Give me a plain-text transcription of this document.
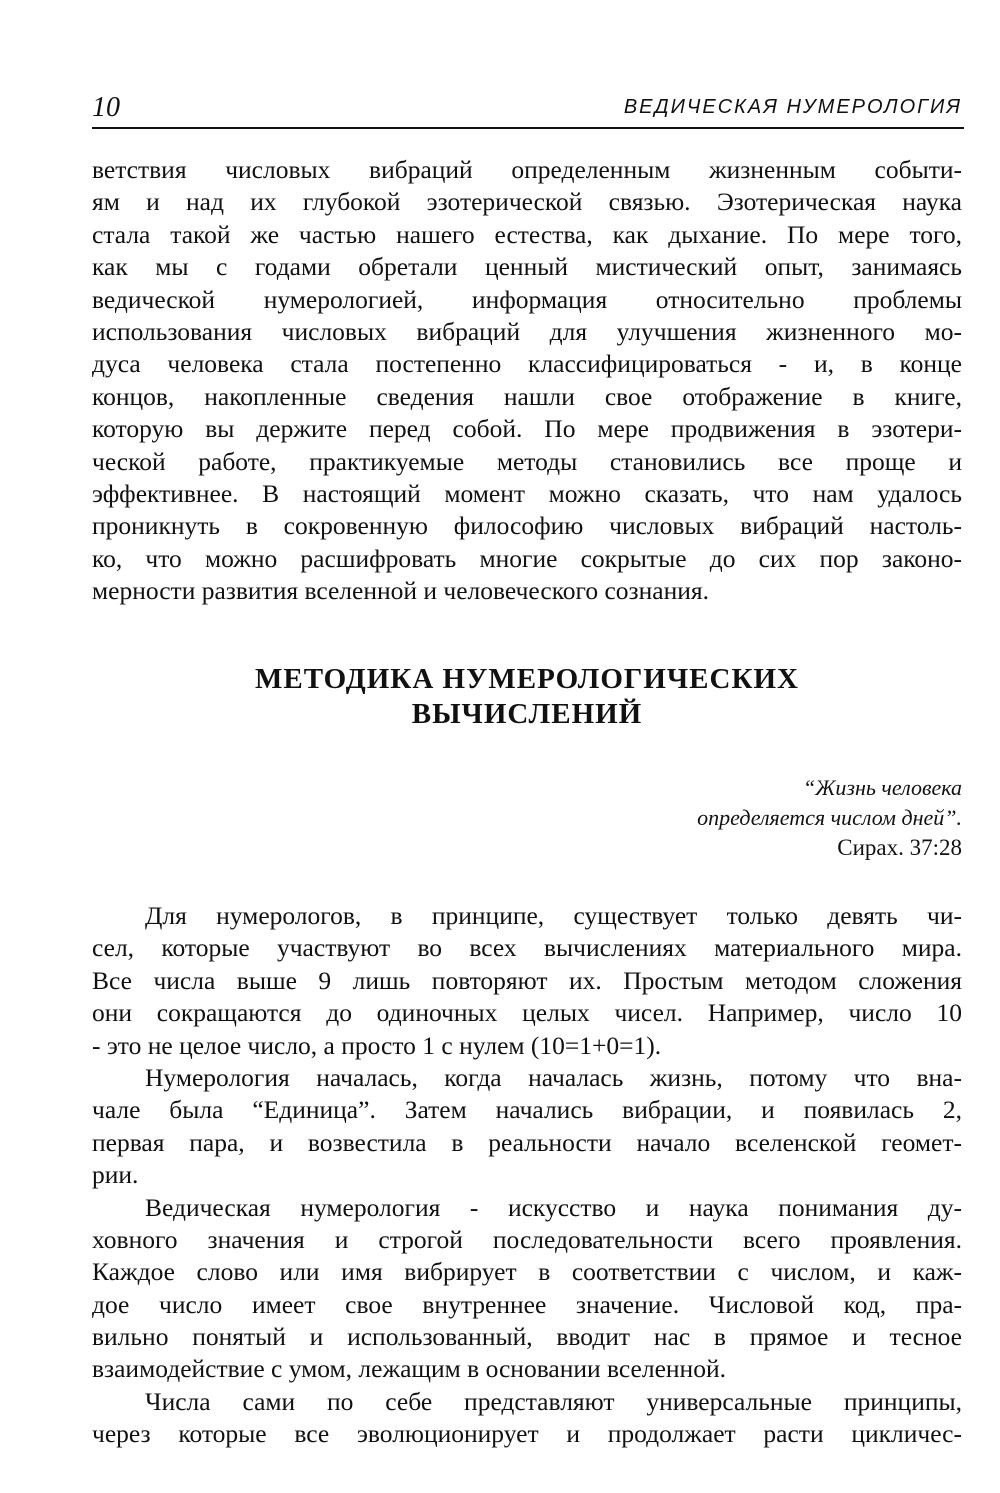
10	ВЕДИЧЕСКАЯ НУМЕРОЛОГИЯ
ветствия числовых вибраций определенным жизненным событи-
ям и над их глубокой эзотерической связью. Эзотерическая наука
стала такой же частью нашего естества, как дыхание. По мере того,
как мы с годами обретали ценный мистический опыт, занимаясь
ведической нумерологией, информация относительно проблемы
использования числовых вибраций для улучшения жизненного мо-
дуса человека стала постепенно классифицироваться - и, в конце
концов, накопленные сведения нашли свое отображение в книге,
которую вы держите перед собой. По мере продвижения в эзотери-
ческой работе, практикуемые методы становились все проще и
эффективнее. В настоящий момент можно сказать, что нам удалось
проникнуть в сокровенную философию числовых вибраций настоль-
ко, что можно расшифровать многие сокрытые до сих пор законо-
мерности развития вселенной и человеческого сознания.
МЕТОДИКА НУМЕРОЛОГИЧЕСКИХ
ВЫЧИСЛЕНИЙ
“Жизнь человека
определяется числом дней”.
Сирах. 37:28
Для нумерологов, в принципе, существует только девять чи-
сел, которые участвуют во всех вычислениях материального мира.
Все числа выше 9 лишь повторяют их. Простым методом сложения
они сокращаются до одиночных целых чисел. Например, число 10
- это не целое число, а просто 1 с нулем (10=1+0=1).
Нумерология началась, когда началась жизнь, потому что вна-
чале была “Единица”. Затем начались вибрации, и появилась 2,
первая пара, и возвестила в реальности начало вселенской геомет-
рии.
Ведическая нумерология - искусство и наука понимания ду-
ховного значения и строгой последовательности всего проявления.
Каждое слово или имя вибрирует в соответствии с числом, и каж-
дое число имеет свое внутреннее значение. Числовой код, пра-
вильно понятый и использованный, вводит нас в прямое и тесное
взаимодействие с умом, лежащим в основании вселенной.
Числа сами по себе представляют универсальные принципы,
через которые все эволюционирует и продолжает расти цикличес-
